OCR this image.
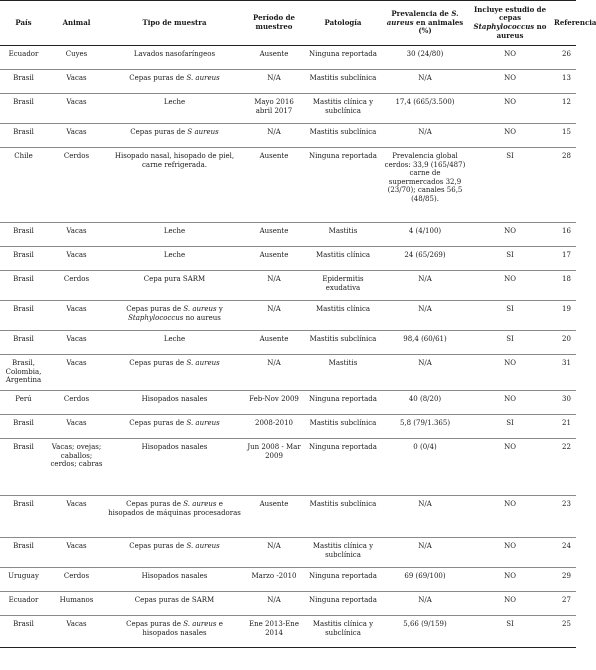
País	Animal	Tipo de muestra	Período de muestreo	Patología	Prevalencia de S. aureus en animales (%)	Incluye estudio de cepas Staphylococcus no aureus	Referencia
Ecuador	Cuyes	Lavados nasofaríngeos	Ausente	Ninguna reportada	30 (24/80)	NO	26
Brasil	Vacas	Cepas puras de S. aureus	N/A	Mastitis subclínica	N/A	NO	13
Brasil	Vacas	Leche	Mayo 2016 abril 2017	Mastitis clínica y subclínica	17,4 (665/3.500)	NO	12
Brasil	Vacas	Cepas puras de S aureus	N/A	Mastitis subclínica	N/A	NO	15
Chile	Cerdos	Hisopado nasal, hisopado de piel, carne refrigerada.	Ausente	Ninguna reportada	Prevalencia global cerdos: 33,9 (165/487) carne de supermercados 32,9 (23/70); canales 56,5 (48/85).	SI	28
Brasil	Vacas	Leche	Ausente	Mastitis	4 (4/100)	NO	16
Brasil	Vacas	Leche	Ausente	Mastitis clínica	24 (65/269)	SI	17
Brasil	Cerdos	Cepa pura SARM	N/A	Epidermitis exudativa	N/A	NO	18
Brasil	Vacas	Cepas puras de S. aureus y Staphylococcus no aureus	N/A	Mastitis clínica	N/A	SI	19
Brasil	Vacas	Leche	Ausente	Mastitis subclínica	98,4 (60/61)	SI	20
Brasil, Colombia, Argentina	Vacas	Cepas puras de S. aureus	N/A	Mastitis	N/A	NO	31
Perú	Cerdos	Hisopados nasales	Feb-Nov 2009	Ninguna reportada	40 (8/20)	NO	30
Brasil	Vacas	Cepas puras de S. aureus	2008-2010	Mastitis subclínica	5,8 (79/1.365)	SI	21
Brasil	Vacas; ovejas; caballos; cerdos; cabras	Hisopados nasales	Jun 2008 - Mar 2009	Ninguna reportada	0 (0/4)	NO	22
Brasil	Vacas	Cepas puras de S. aureus e hisopados de máquinas procesadoras	Ausente	Mastitis subclínica	N/A	NO	23
Brasil	Vacas	Cepas puras de S. aureus	N/A	Mastitis clínica y subclínica	N/A	NO	24
Uruguay	Cerdos	Hisopados nasales	Marzo -2010	Ninguna reportada	69 (69/100)	NO	29
Ecuador	Humanos	Cepas puras de SARM	N/A	Ninguna reportada	N/A	NO	27
Brasil	Vacas	Cepas puras de S. aureus e hisopados nasales	Ene 2013-Ene 2014	Mastitis clínica y subclínica	5,66 (9/159)	SI	25
